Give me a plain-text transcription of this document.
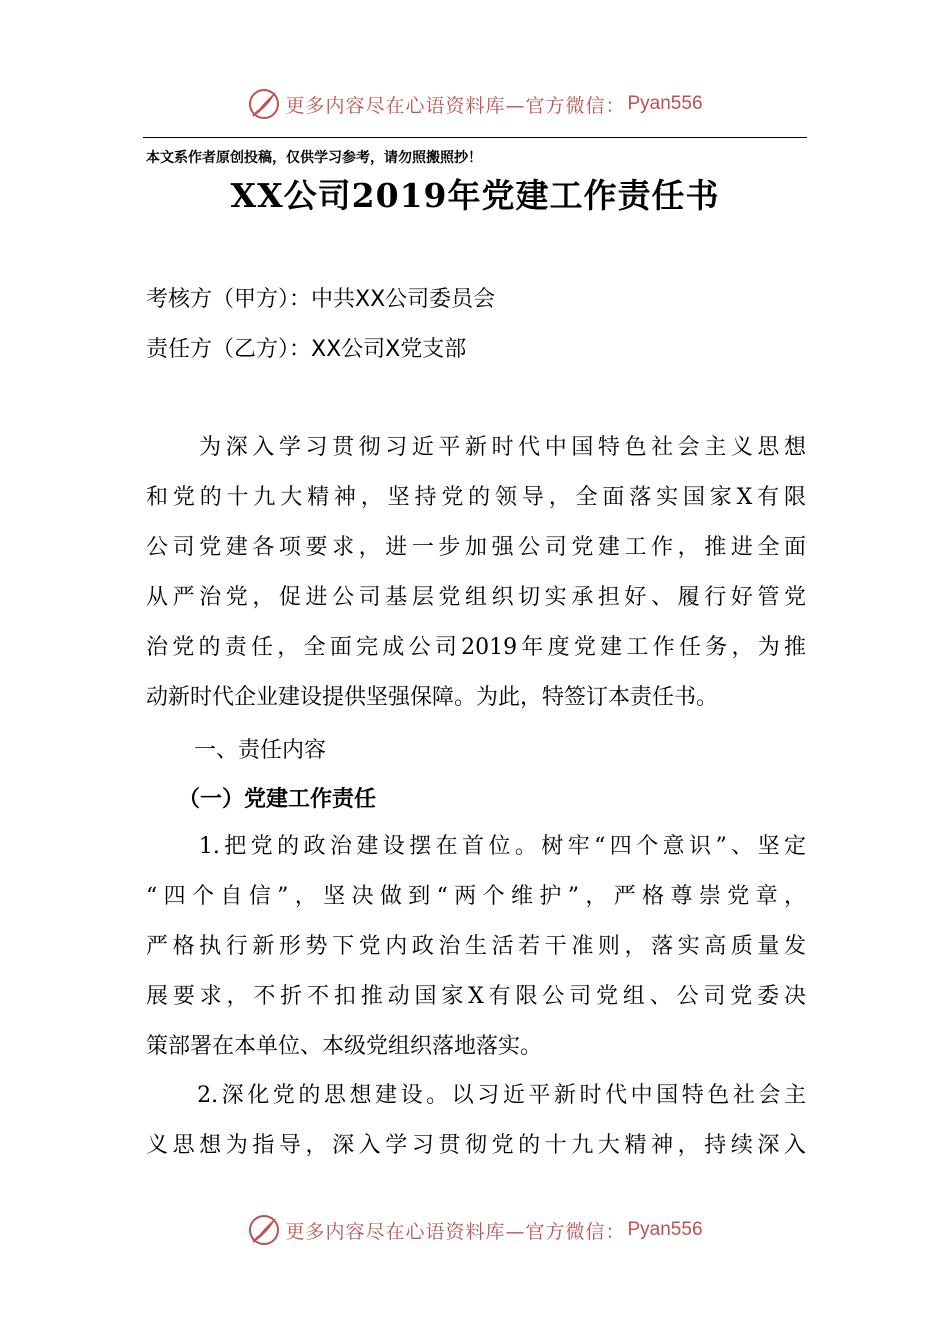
更多内容尽在心语资料库—官方微信： Pyan556
本文系作者原创投稿，仅供学习参考，请勿照搬照抄！
XX公司2019年党建工作责任书
考核方（甲方）：中共XX公司委员会
责任方（乙方）：XX公司X党支部
　　为深入学习贯彻习近平新时代中国特色社会主义思想
和党的十九大精神，坚持党的领导，全面落实国家X有限
公司党建各项要求，进一步加强公司党建工作，推进全面
从严治党，促进公司基层党组织切实承担好、履行好管党
治党的责任，全面完成公司2019年度党建工作任务，为推
动新时代企业建设提供坚强保障。为此，特签订本责任书。
一、责任内容
（一）党建工作责任
　　1.把党的政治建设摆在首位。树牢“四个意识”、坚定
“四个自信”，坚决做到“两个维护”，严格尊崇党章，
严格执行新形势下党内政治生活若干准则，落实高质量发
展要求，不折不扣推动国家X有限公司党组、公司党委决
策部署在本单位、本级党组织落地落实。
　　2.深化党的思想建设。以习近平新时代中国特色社会主
义思想为指导，深入学习贯彻党的十九大精神，持续深入
更多内容尽在心语资料库—官方微信： Pyan556
